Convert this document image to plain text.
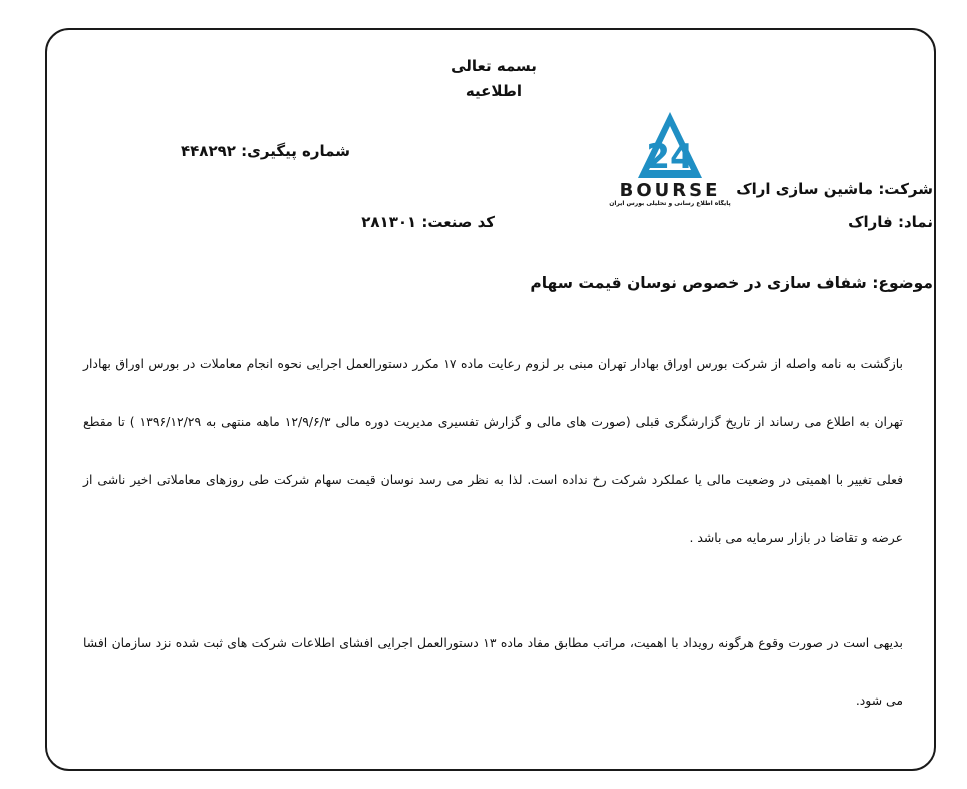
بسمه تعالی
اطلاعیه
شماره پیگیری: ۴۴۸۲۹۲
کد صنعت: ۲۸۱۳۰۱
شرکت: ماشین سازی اراک
نماد: فاراک
24
BOURSE
پایگاه اطلاع رسانی و تحلیلی بورس ایران
موضوع: شفاف سازی در خصوص نوسان قیمت سهام
بازگشت به نامه واصله از شرکت بورس اوراق بهادار تهران مبنی بر لزوم رعایت ماده ۱۷ مکرر دستورالعمل اجرایی نحوه انجام معاملات در بورس اوراق بهادار تهران به اطلاع می رساند از تاریخ گزارشگری قبلی (صورت های مالی و گزارش تفسیری مدیریت دوره مالی ۱۲/۹/۶/۳ ماهه منتهی به ۱۳۹۶/۱۲/۲۹ ) تا مقطع فعلی تغییر با اهمیتی در وضعیت مالی یا عملکرد شرکت رخ نداده است. لذا به نظر می رسد نوسان قیمت سهام شرکت طی روزهای معاملاتی اخیر ناشی از عرضه و تقاضا در بازار سرمایه می باشد .
بدیهی است در صورت وقوع هرگونه رویداد با اهمیت، مراتب مطابق مفاد ماده ۱۳ دستورالعمل اجرایی افشای اطلاعات شرکت های ثبت شده نزد سازمان افشا می شود.
